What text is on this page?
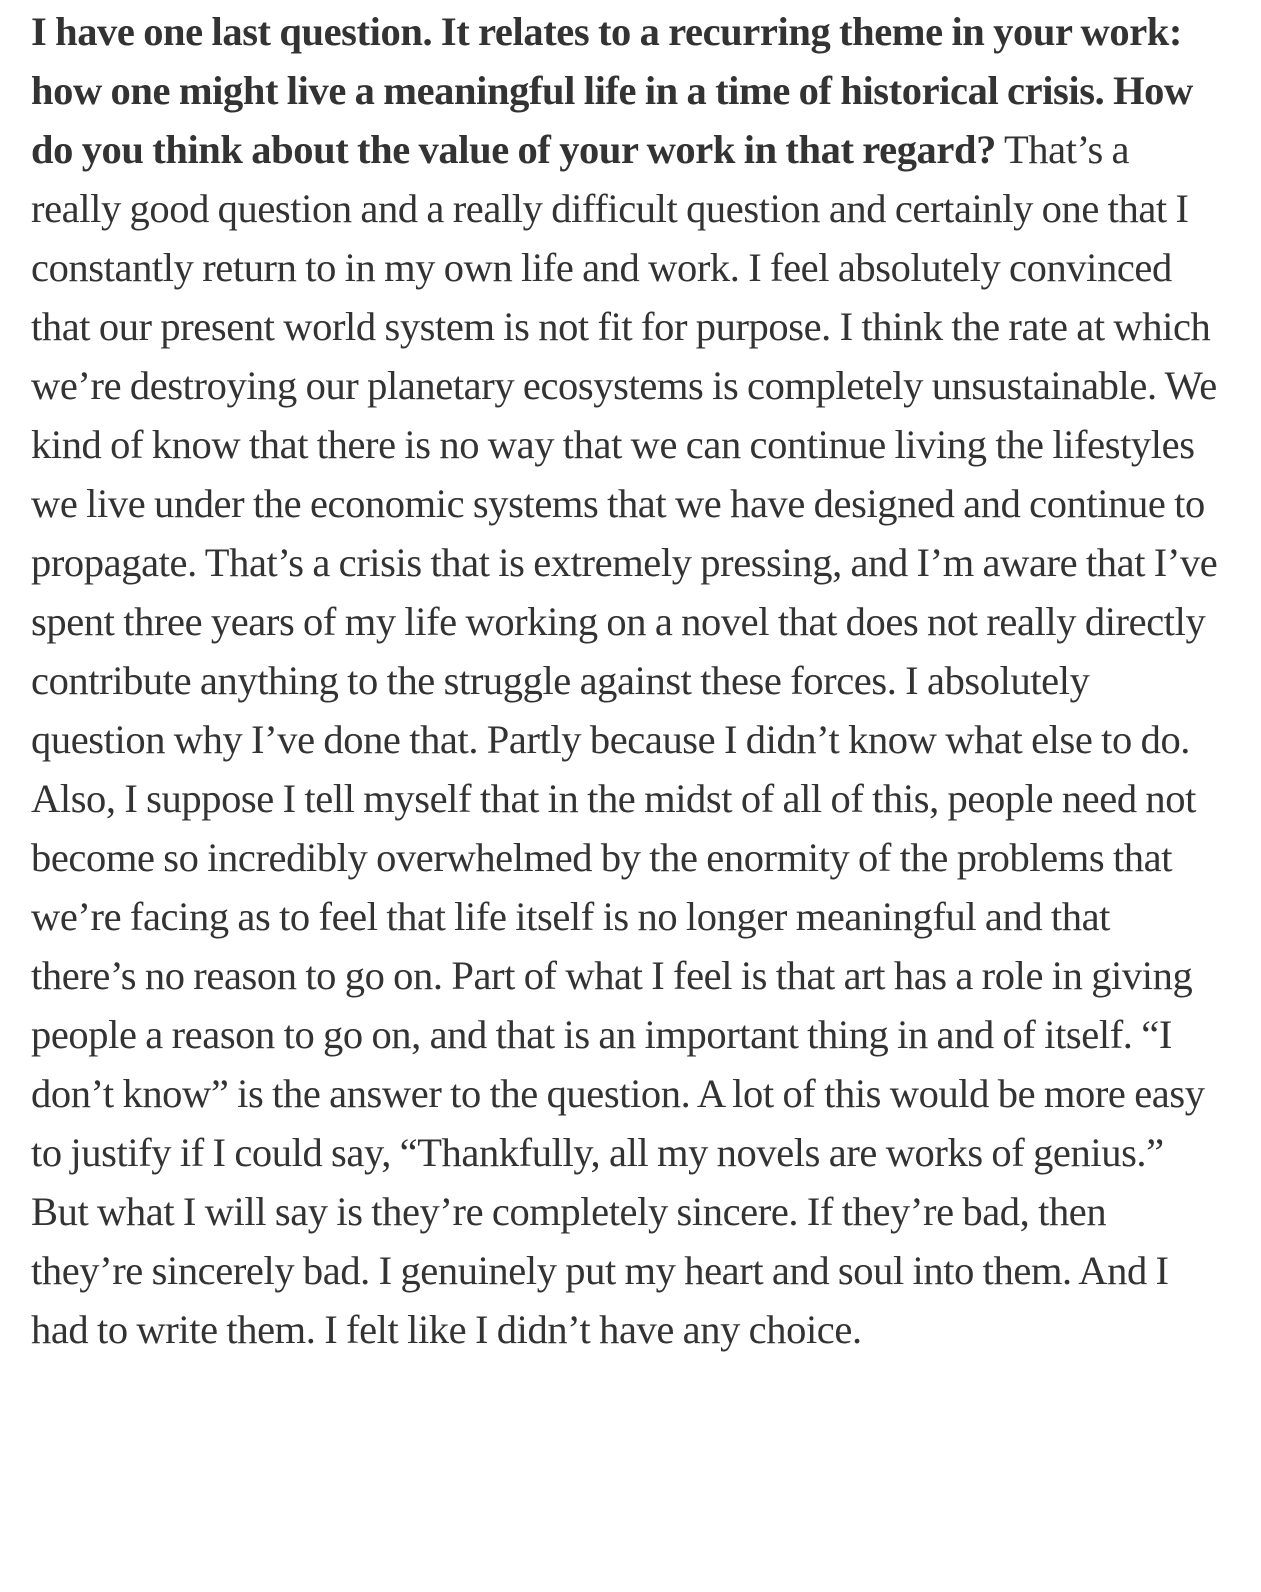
I have one last question. It relates to a recurring theme in your work: how one might live a meaningful life in a time of historical crisis. How do you think about the value of your work in that regard? That’s a really good question and a really difficult question and certainly one that I constantly return to in my own life and work. I feel absolutely convinced that our present world system is not fit for purpose. I think the rate at which we’re destroying our planetary ecosystems is completely unsustainable. We kind of know that there is no way that we can continue living the lifestyles we live under the economic systems that we have designed and continue to propagate. That’s a crisis that is extremely pressing, and I’m aware that I’ve spent three years of my life working on a novel that does not really directly contribute anything to the struggle against these forces. I absolutely question why I’ve done that. Partly because I didn’t know what else to do. Also, I suppose I tell myself that in the midst of all of this, people need not become so incredibly overwhelmed by the enormity of the problems that we’re facing as to feel that life itself is no longer meaningful and that there’s no reason to go on. Part of what I feel is that art has a role in giving people a reason to go on, and that is an important thing in and of itself. “I don’t know” is the answer to the question. A lot of this would be more easy to justify if I could say, “Thankfully, all my novels are works of genius.” But what I will say is they’re completely sincere. If they’re bad, then they’re sincerely bad. I genuinely put my heart and soul into them. And I had to write them. I felt like I didn’t have any choice.
